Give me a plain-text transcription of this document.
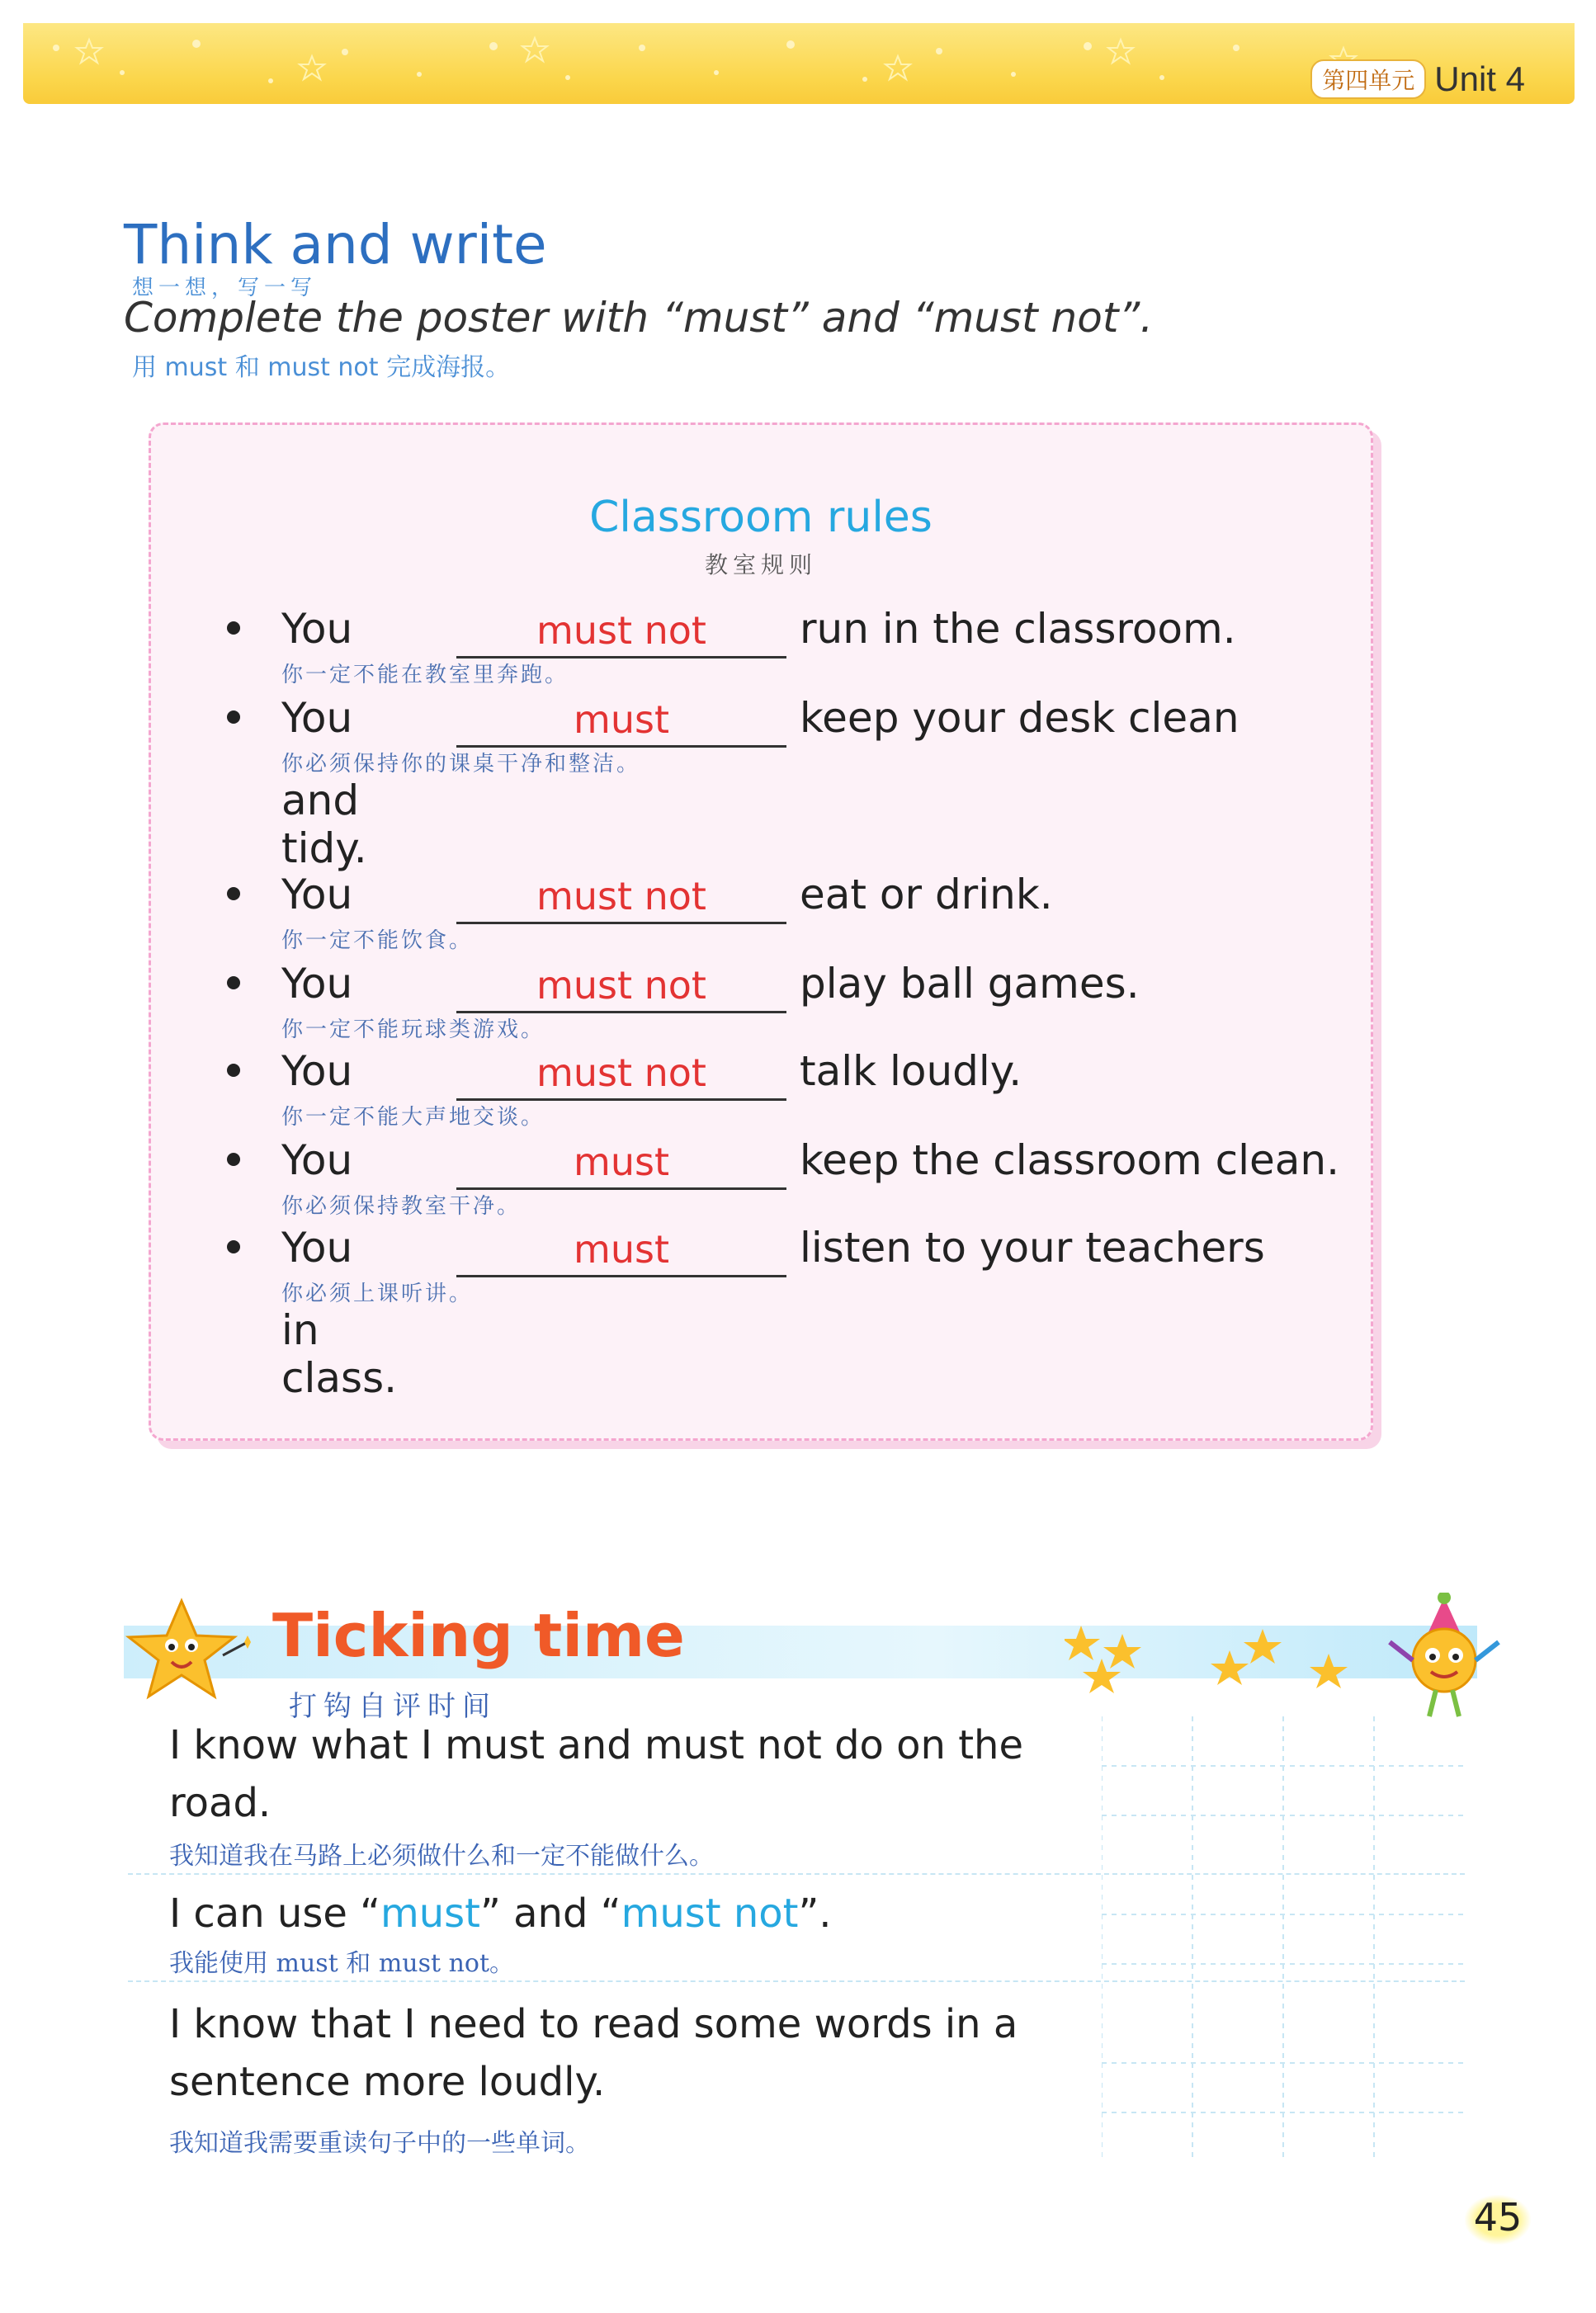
第四单元 Unit 4
Think and write
想一想，写一写
Complete the poster with “must” and “must not”.
用 must 和 must not 完成海报。
Classroom rules
教室规则
You	must not	run in the classroom.
你一定不能在教室里奔跑。
You	must	keep your desk clean
你必须保持你的课桌干净和整洁。
and tidy.
You	must not	eat or drink.
你一定不能饮食。
You	must not	play ball games.
你一定不能玩球类游戏。
You	must not	talk loudly.
你一定不能大声地交谈。
You	must	keep the classroom clean.
你必须保持教室干净。
You	must	listen to your teachers
你必须上课听讲。
in class.
Ticking time
打钩自评时间
I know what I must and must not do on the road.
我知道我在马路上必须做什么和一定不能做什么。
I can use “must” and “must not”.
我能使用 must 和 must not。
I know that I need to read some words in a sentence more loudly.
我知道我需要重读句子中的一些单词。
45
